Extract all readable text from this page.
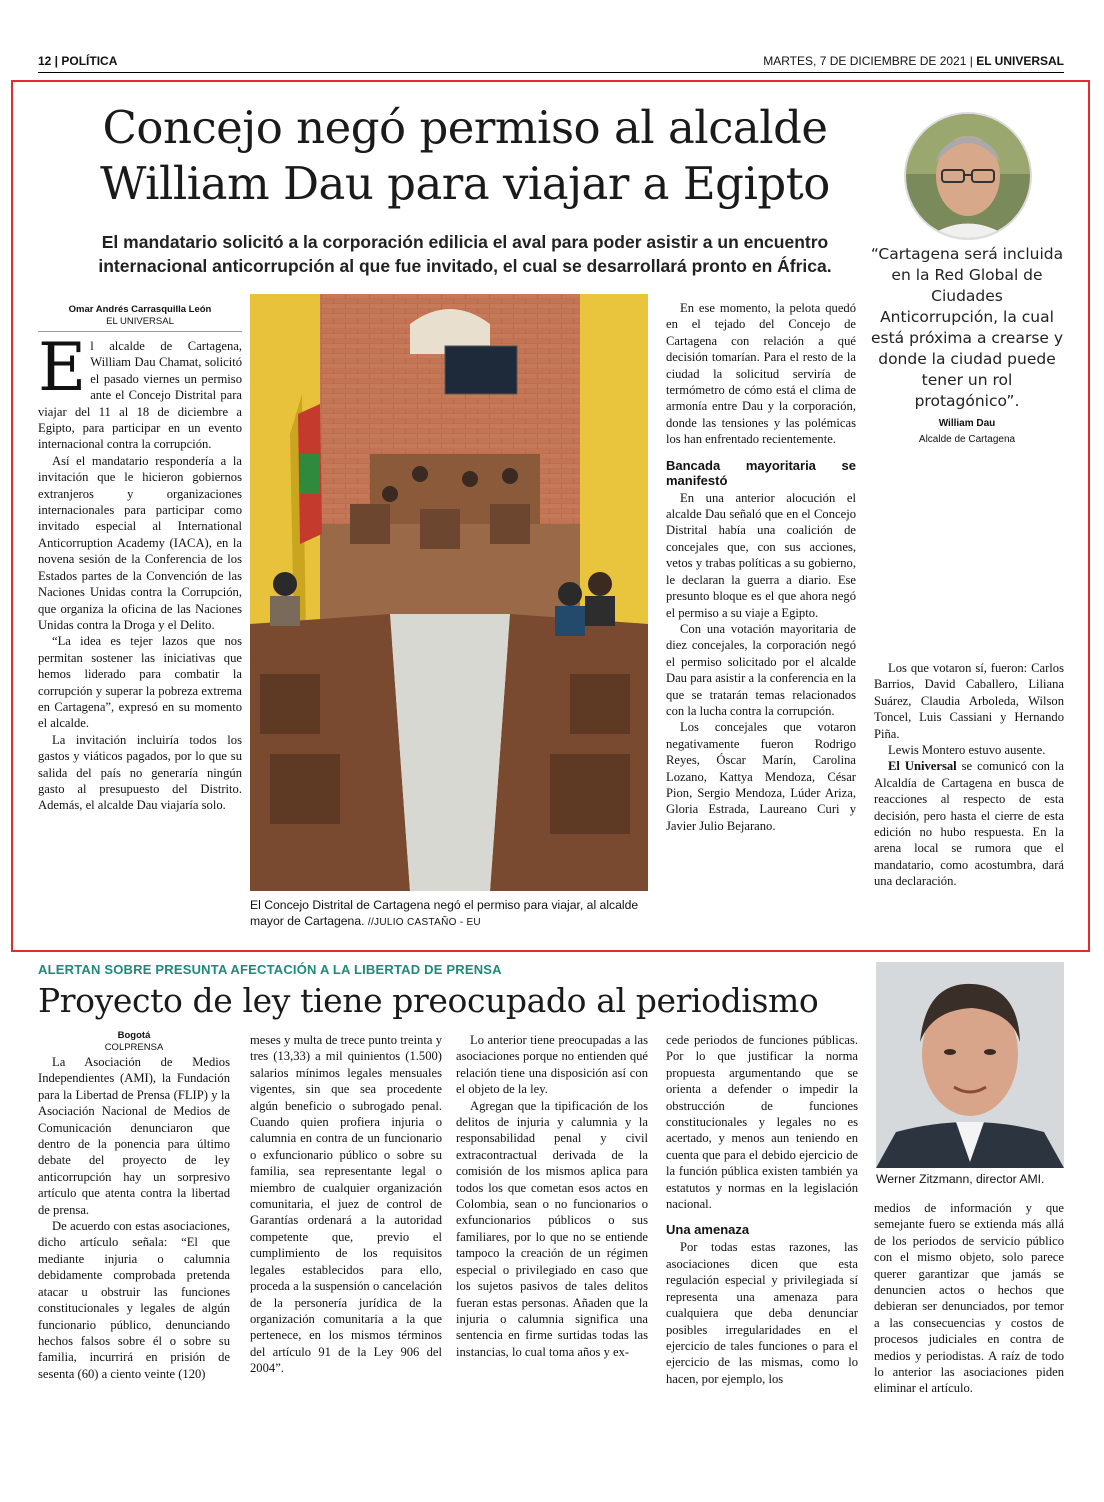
12 | POLÍTICA	MARTES, 7 DE DICIEMBRE DE 2021 | EL UNIVERSAL
Concejo negó permiso al alcalde
William Dau para viajar a Egipto
El mandatario solicitó a la corporación edilicia el aval para poder asistir a un encuentro internacional anticorrupción al que fue invitado, el cual se desarrollará pronto en África.
Omar Andrés Carrasquilla León
EL UNIVERSAL

El alcalde de Cartagena, William Dau Chamat, solicitó el pasado viernes un permiso ante el Concejo Distrital para viajar del 11 al 18 de diciembre a Egipto, para participar en un evento internacional contra la corrupción.

Así el mandatario respondería a la invitación que le hicieron gobiernos extranjeros y organizaciones internacionales para participar como invitado especial al International Anticorruption Academy (IACA), en la novena sesión de la Conferencia de los Estados partes de la Convención de las Naciones Unidas contra la Corrupción, que organiza la oficina de las Naciones Unidas contra la Droga y el Delito.

“La idea es tejer lazos que nos permitan sostener las iniciativas que hemos liderado para combatir la corrupción y superar la pobreza extrema en Cartagena”, expresó en su momento el alcalde.

La invitación incluiría todos los gastos y viáticos pagados, por lo que su salida del país no generaría ningún gasto al presupuesto del Distrito. Además, el alcalde Dau viajaría solo.

El Concejo Distrital de Cartagena negó el permiso para viajar, al alcalde mayor de Cartagena. //JULIO CASTAÑO - EU

En ese momento, la pelota quedó en el tejado del Concejo de Cartagena con relación a qué decisión tomarían. Para el resto de la ciudad la solicitud serviría de termómetro de cómo está el clima de armonía entre Dau y la corporación, donde las tensiones y las polémicas los han enfrentado recientemente.

Bancada mayoritaria se manifestó

En una anterior alocución el alcalde Dau señaló que en el Concejo Distrital había una coalición de concejales que, con sus acciones, vetos y trabas políticas a su gobierno, le declaran la guerra a diario. Ese presunto bloque es el que ahora negó el permiso a su viaje a Egipto.

Con una votación mayoritaria de diez concejales, la corporación negó el permiso solicitado por el alcalde Dau para asistir a la conferencia en la que se tratarán temas relacionados con la lucha contra la corrupción.

Los concejales que votaron negativamente fueron Rodrigo Reyes, Óscar Marín, Carolina Lozano, Kattya Mendoza, César Pion, Sergio Mendoza, Lúder Ariza, Gloria Estrada, Laureano Curi y Javier Julio Bejarano.

“Cartagena será incluida en la Red Global de Ciudades Anticorrupción, la cual está próxima a crearse y donde la ciudad puede tener un rol protagónico”.
William Dau
Alcalde de Cartagena

Los que votaron sí, fueron: Carlos Barrios, David Caballero, Liliana Suárez, Claudia Arboleda, Wilson Toncel, Luis Cassiani y Hernando Piña.

Lewis Montero estuvo ausente.

El Universal se comunicó con la Alcaldía de Cartagena en busca de reacciones al respecto de esta decisión, pero hasta el cierre de esta edición no hubo respuesta. En la arena local se rumora que el mandatario, como acostumbra, dará una declaración.

ALERTAN SOBRE PRESUNTA AFECTACIÓN A LA LIBERTAD DE PRENSA
Proyecto de ley tiene preocupado al periodismo
Bogotá
COLPRENSA

La Asociación de Medios Independientes (AMI), la Fundación para la Libertad de Prensa (FLIP) y la Asociación Nacional de Medios de Comunicación denunciaron que dentro de la ponencia para último debate del proyecto de ley anticorrupción hay un sorpresivo artículo que atenta contra la libertad de prensa.

De acuerdo con estas asociaciones, dicho artículo señala: “El que mediante injuria o calumnia debidamente comprobada pretenda atacar u obstruir las funciones constitucionales y legales de algún funcionario público, denunciando hechos falsos sobre él o sobre su familia, incurrirá en prisión de sesenta (60) a ciento veinte (120)

meses y multa de trece punto treinta y tres (13,33) a mil quinientos (1.500) salarios mínimos legales mensuales vigentes, sin que sea procedente algún beneficio o subrogado penal. Cuando quien profiera injuria o calumnia en contra de un funcionario o exfuncionario público o sobre su familia, sea representante legal o miembro de cualquier organización comunitaria, el juez de control de Garantías ordenará a la autoridad competente que, previo el cumplimiento de los requisitos legales establecidos para ello, proceda a la suspensión o cancelación de la personería jurídica de la organización comunitaria a la que pertenece, en los mismos términos del artículo 91 de la Ley 906 del 2004”.

Lo anterior tiene preocupadas a las asociaciones porque no entienden qué relación tiene una disposición así con el objeto de la ley.

Agregan que la tipificación de los delitos de injuria y calumnia y la responsabilidad penal y civil extracontractual derivada de la comisión de los mismos aplica para todos los que cometan esos actos en Colombia, sean o no funcionarios o exfuncionarios públicos o sus familiares, por lo que no se entiende tampoco la creación de un régimen especial o privilegiado en caso que los sujetos pasivos de tales delitos fueran estas personas. Añaden que la injuria o calumnia significa una sentencia en firme surtidas todas las instancias, lo cual toma años y ex-

cede periodos de funciones públicas. Por lo que justificar la norma propuesta argumentando que se orienta a defender o impedir la obstrucción de funciones constitucionales y legales no es acertado, y menos aun teniendo en cuenta que para el debido ejercicio de la función pública existen también ya estatutos y normas en la legislación nacional.

Una amenaza

Por todas estas razones, las asociaciones dicen que esta regulación especial y privilegiada sí representa una amenaza para cualquiera que deba denunciar posibles irregularidades en el ejercicio de tales funciones o para el ejercicio de las mismas, como lo hacen, por ejemplo, los

Werner Zitzmann, director AMI.

medios de información y que semejante fuero se extienda más allá de los periodos de servicio público con el mismo objeto, solo parece querer garantizar que jamás se denuncien actos o hechos que debieran ser denunciados, por temor a las consecuencias y costos de procesos judiciales en contra de medios y periodistas. A raíz de todo lo anterior las asociaciones piden eliminar el artículo.
